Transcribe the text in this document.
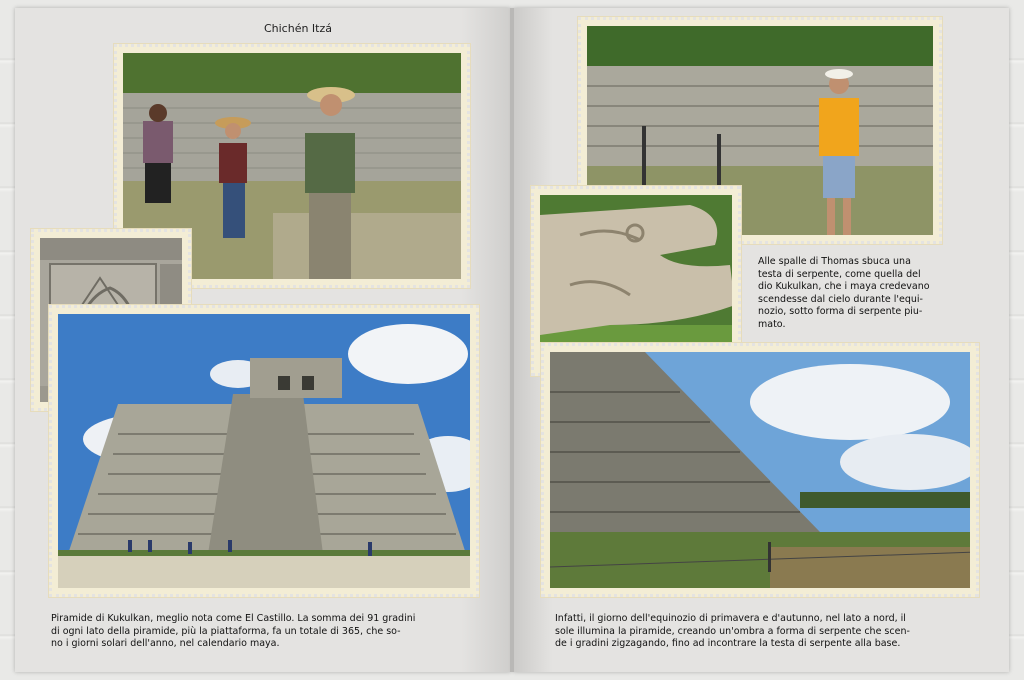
Chichén Itzá

Piramide di Kukulkan, meglio nota come El Castillo. La somma dei 91 gradini

di ogni lato della piramide, più la piattaforma, fa un totale di 365, che so-

no i giorni solari dell'anno, nel calendario maya.

Alle spalle di Thomas sbuca una

testa di serpente, come quella del

dio Kukulkan, che i maya credevano

scendesse dal cielo durante l'equi-

nozio, sotto forma di serpente piu-

mato.

Infatti, il giorno dell'equinozio di primavera e d'autunno, nel lato a nord, il

sole illumina la piramide, creando un'ombra a forma di serpente che scen-

de i gradini zigzagando, fino ad incontrare la testa di serpente alla base.
